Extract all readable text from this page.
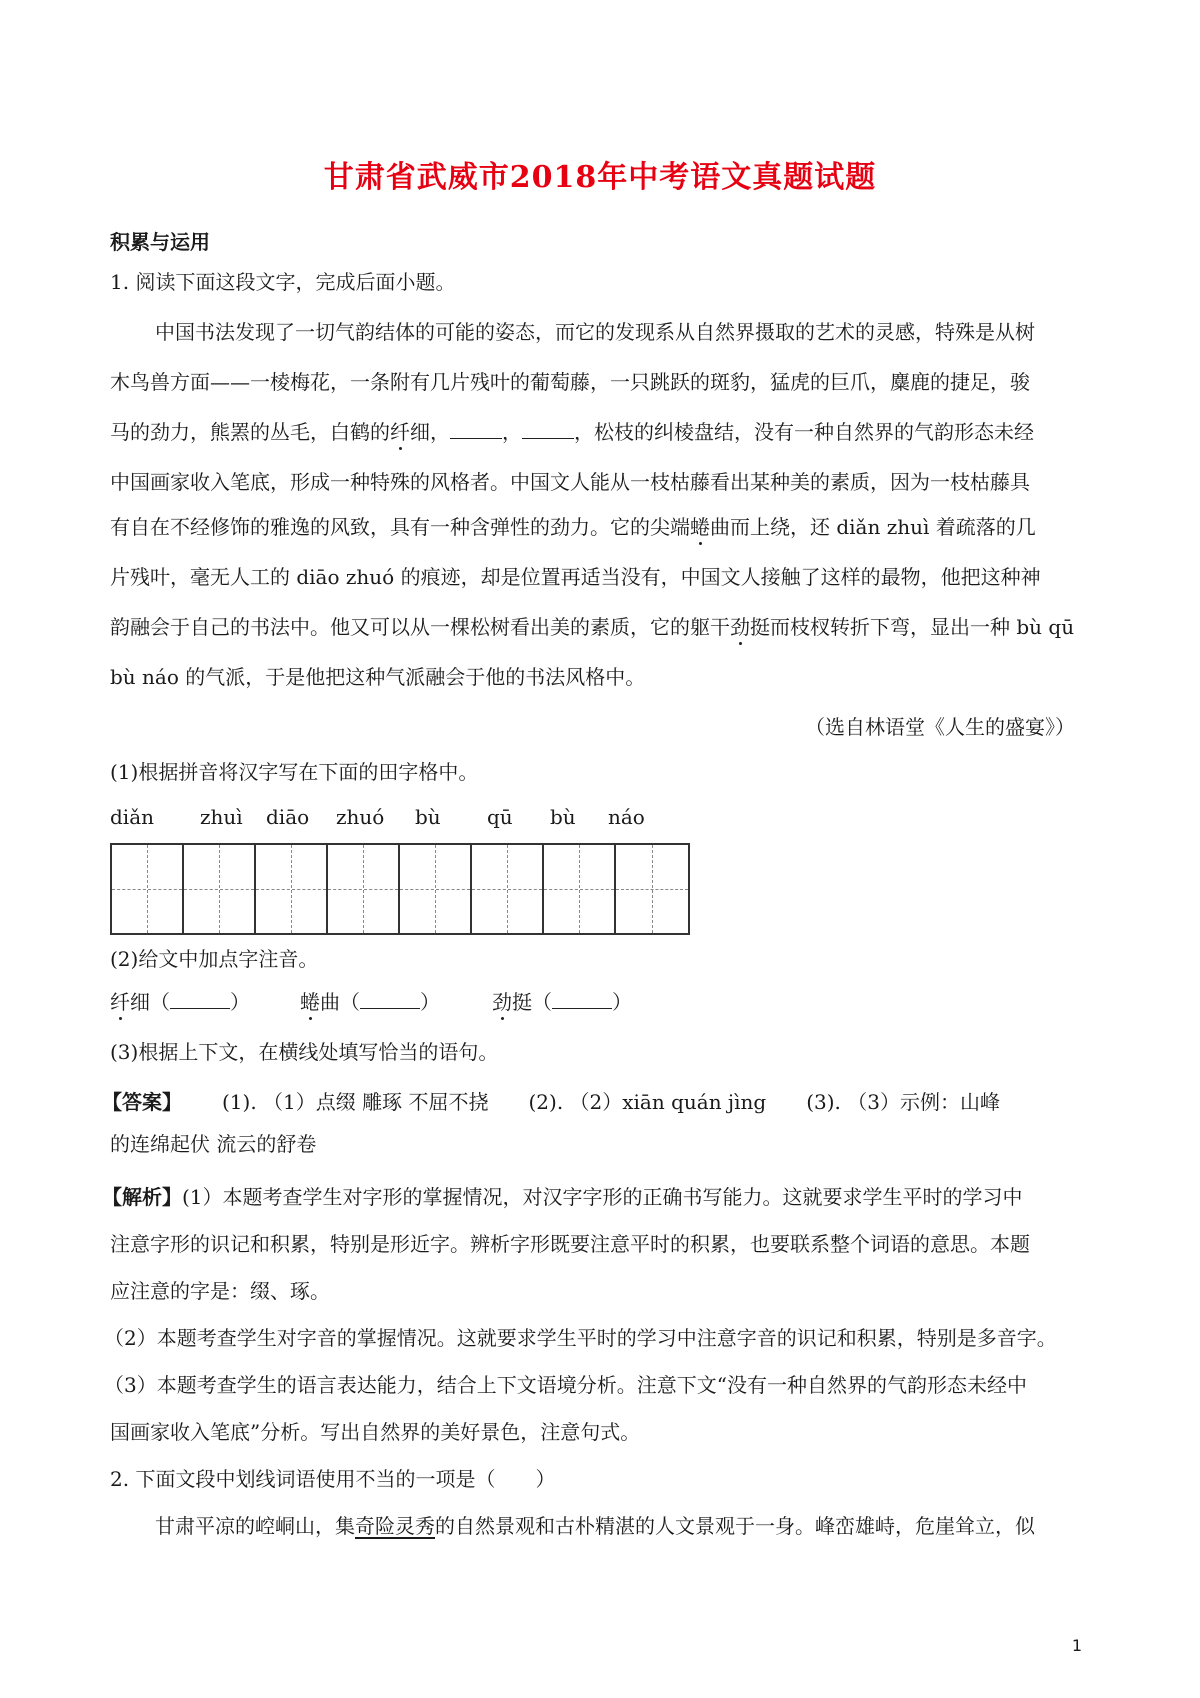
甘肃省武威市2018年中考语文真题试题
积累与运用
1. 阅读下面这段文字，完成后面小题。
中国书法发现了一切气韵结体的可能的姿态，而它的发现系从自然界摄取的艺术的灵感，特殊是从树
木鸟兽方面——一棱梅花，一条附有几片残叶的葡萄藤，一只跳跃的斑豹，猛虎的巨爪，麋鹿的捷足，骏
马的劲力，熊罴的丛毛，白鹤的纤细，	，	，松枝的纠棱盘结，没有一种自然界的气韵形态未经
中国画家收入笔底，形成一种特殊的风格者。中国文人能从一枝枯藤看出某种美的素质，因为一枝枯藤具
有自在不经修饰的雅逸的风致，具有一种含弹性的劲力。它的尖端蜷曲而上绕，还 diǎn zhuì 着疏落的几
片残叶，毫无人工的 diāo zhuó 的痕迹，却是位置再适当没有，中国文人接触了这样的最物，他把这种神
韵融会于自己的书法中。他又可以从一棵松树看出美的素质，它的躯干劲挺而枝杈转折下弯，显出一种 bù qū
bù náo 的气派，于是他把这种气派融会于他的书法风格中。
（选自林语堂《人生的盛宴》）
(1)根据拼音将汉字写在下面的田字格中。
diǎn zhuì diāo zhuó bù qū bù náo
(2)给文中加点字注音。
纤细（	）	蜷曲（	）	劲挺（	）
(3)根据上下文，在横线处填写恰当的语句。
【答案】 (1). （1）点缀 雕琢 不屈不挠 (2). （2）xiān quán jìng (3). （3）示例：山峰
的连绵起伏 流云的舒卷
【解析】(1）本题考查学生对字形的掌握情况，对汉字字形的正确书写能力。这就要求学生平时的学习中
注意字形的识记和积累，特别是形近字。辨析字形既要注意平时的积累，也要联系整个词语的意思。本题
应注意的字是：缀、琢。
（2）本题考查学生对字音的掌握情况。这就要求学生平时的学习中注意字音的识记和积累，特别是多音字。
（3）本题考查学生的语言表达能力，结合上下文语境分析。注意下文“没有一种自然界的气韵形态未经中
国画家收入笔底”分析。写出自然界的美好景色，注意句式。
2. 下面文段中划线词语使用不当的一项是（　　）
甘肃平凉的崆峒山，集奇险灵秀的自然景观和古朴精湛的人文景观于一身。峰峦雄峙，危崖耸立，似
1
